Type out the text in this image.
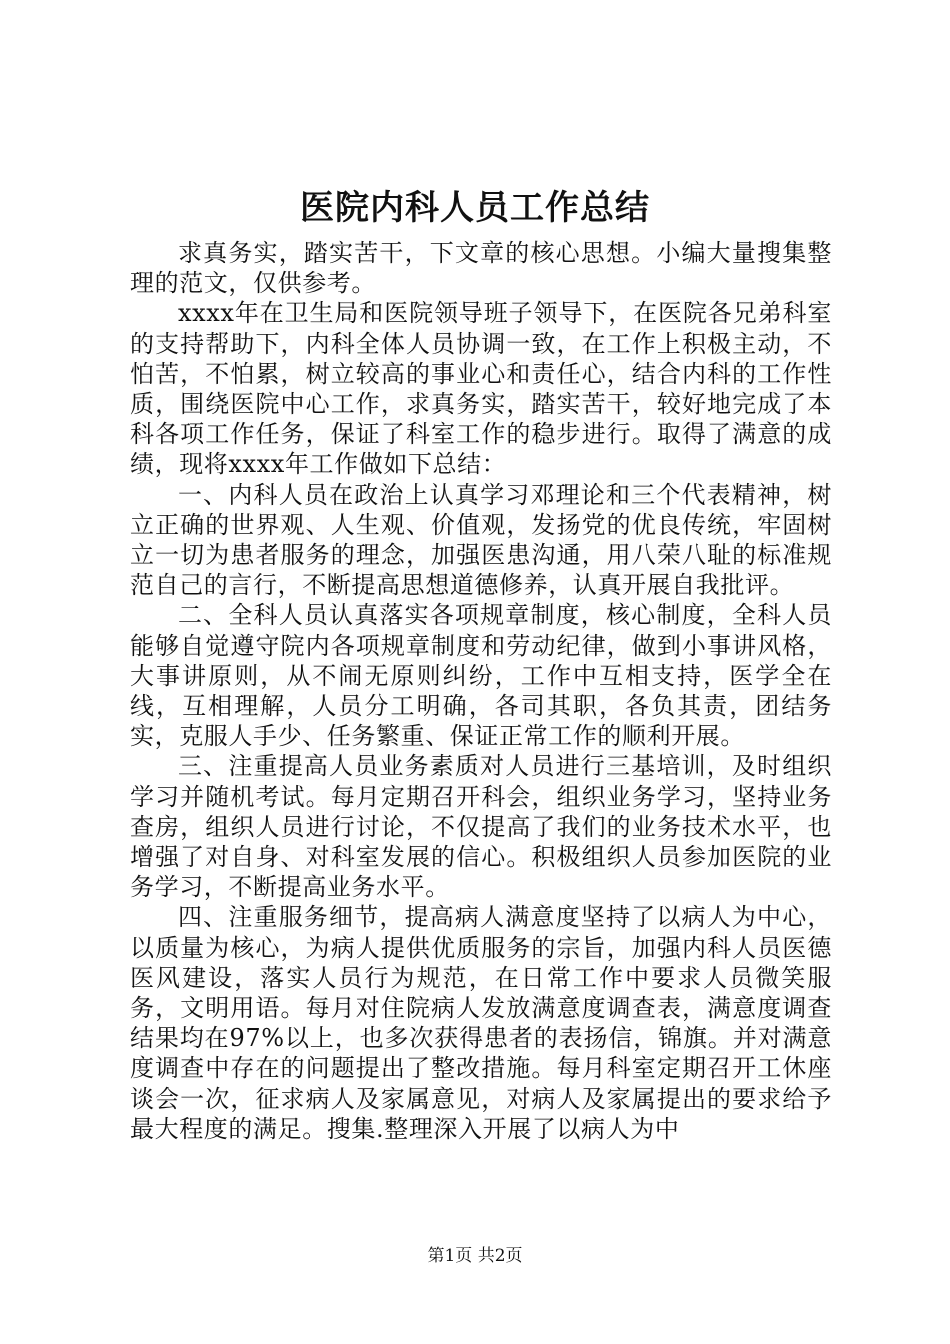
医院内科人员工作总结

求真务实，踏实苦干，下文章的核心思想。小编大量搜集整理的范文，仅供参考。

xxxx年在卫生局和医院领导班子领导下，在医院各兄弟科室的支持帮助下，内科全体人员协调一致，在工作上积极主动，不怕苦，不怕累，树立较高的事业心和责任心，结合内科的工作性质，围绕医院中心工作，求真务实，踏实苦干，较好地完成了本科各项工作任务，保证了科室工作的稳步进行。取得了满意的成绩，现将xxxx年工作做如下总结：

一、内科人员在政治上认真学习邓理论和三个代表精神，树立正确的世界观、人生观、价值观，发扬党的优良传统，牢固树立一切为患者服务的理念，加强医患沟通，用八荣八耻的标准规范自己的言行，不断提高思想道德修养，认真开展自我批评。

二、全科人员认真落实各项规章制度，核心制度，全科人员能够自觉遵守院内各项规章制度和劳动纪律，做到小事讲风格，大事讲原则，从不闹无原则纠纷，工作中互相支持，医学全在线，互相理解，人员分工明确，各司其职，各负其责，团结务实，克服人手少、任务繁重、保证正常工作的顺利开展。

三、注重提高人员业务素质对人员进行三基培训，及时组织学习并随机考试。每月定期召开科会，组织业务学习，坚持业务查房，组织人员进行讨论，不仅提高了我们的业务技术水平，也增强了对自身、对科室发展的信心。积极组织人员参加医院的业务学习，不断提高业务水平。

四、注重服务细节，提高病人满意度坚持了以病人为中心，以质量为核心，为病人提供优质服务的宗旨，加强内科人员医德医风建设，落实人员行为规范，在日常工作中要求人员微笑服务，文明用语。每月对住院病人发放满意度调查表，满意度调查结果均在97%以上，也多次获得患者的表扬信，锦旗。并对满意度调查中存在的问题提出了整改措施。每月科室定期召开工休座谈会一次，征求病人及家属意见，对病人及家属提出的要求给予最大程度的满足。搜集.整理深入开展了以病人为中

第1页 共2页
